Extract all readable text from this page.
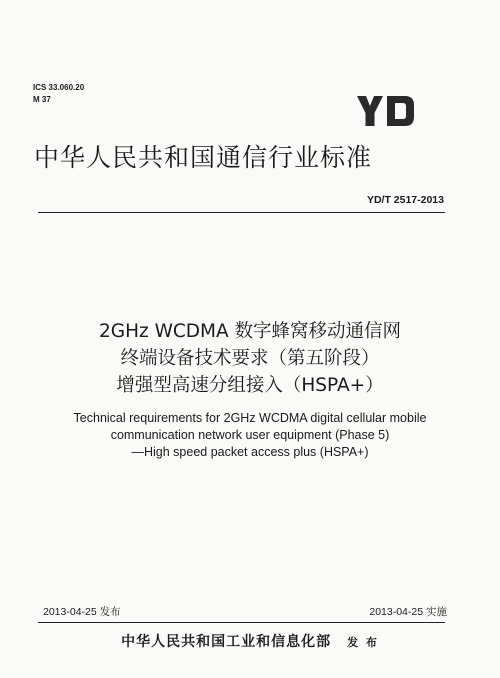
ICS 33.060.20
M 37
中华人民共和国通信行业标准
YD/T 2517-2013
2GHz WCDMA 数字蜂窝移动通信网
终端设备技术要求（第五阶段）
增强型高速分组接入（HSPA+）
Technical requirements for 2GHz WCDMA digital cellular mobile
communication network user equipment (Phase 5)
—High speed packet access plus (HSPA+)
2013-04-25 发布	2013-04-25 实施
中华人民共和国工业和信息化部 发 布
